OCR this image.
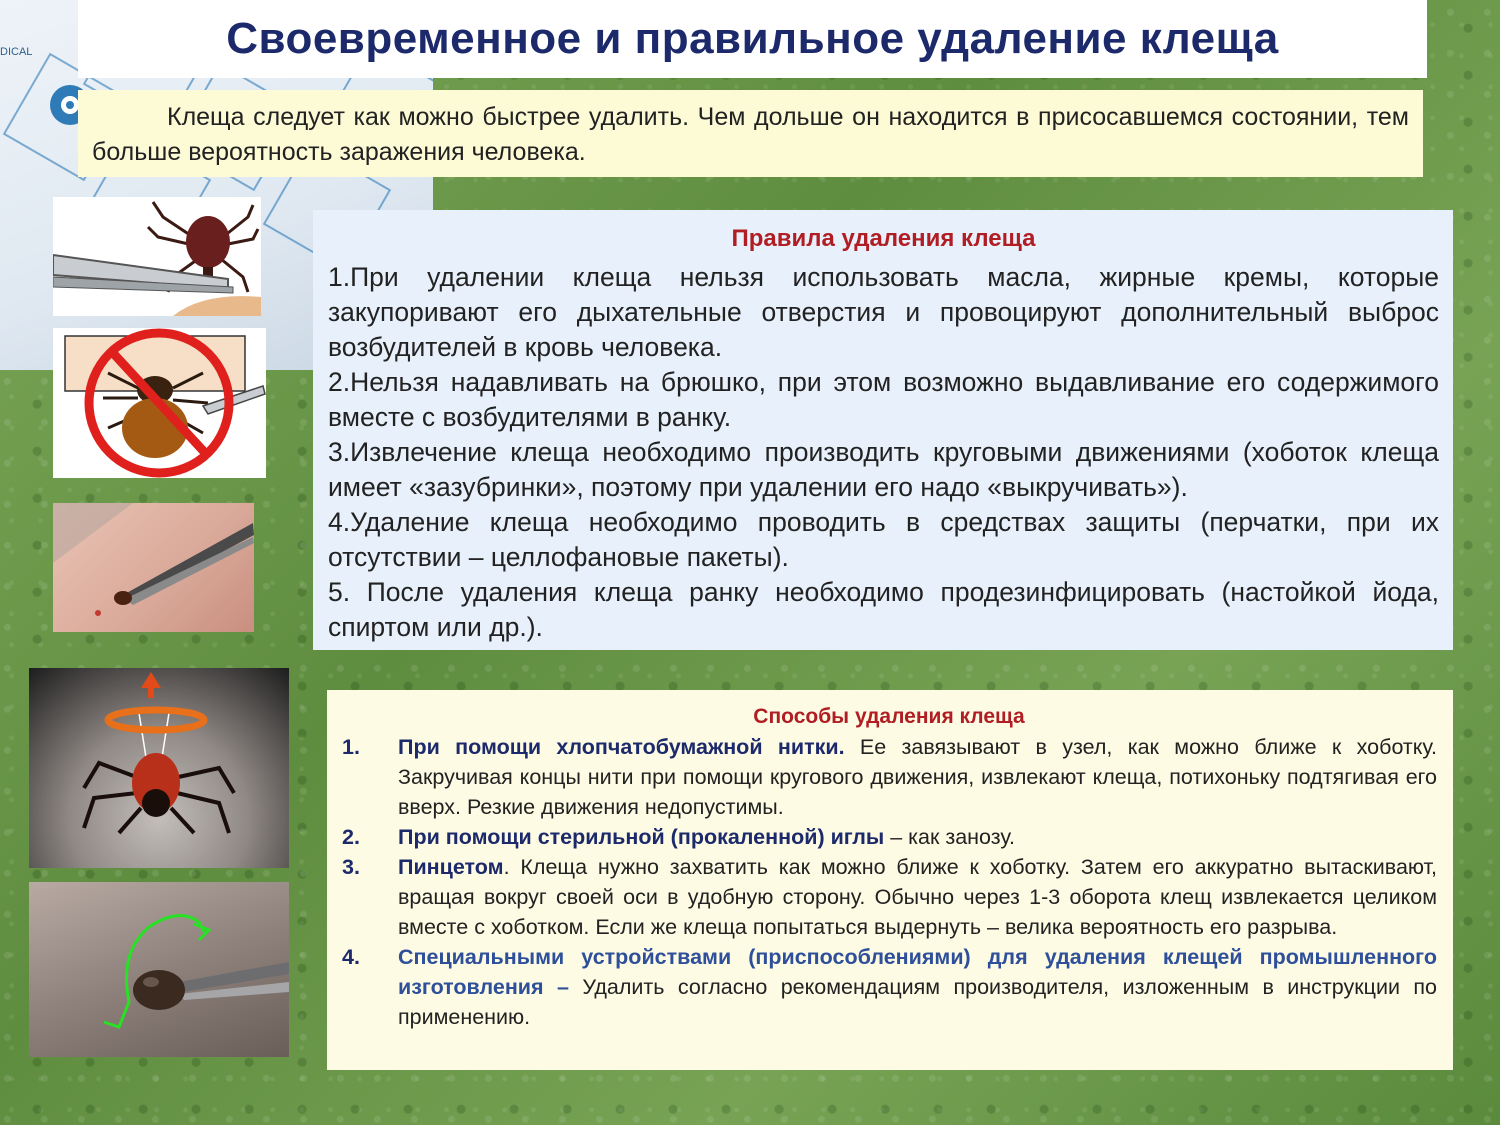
DICAL	Своевременное и правильное удаление клеща

Клеща следует как можно быстрее удалить. Чем дольше он находится в присосавшемся состоянии, тем больше вероятность заражения человека.

Правила удаления клеща

1.При удалении клеща нельзя использовать масла, жирные кремы, которые закупоривают его дыхательные отверстия и провоцируют дополнительный выброс возбудителей в кровь человека.

2.Нельзя надавливать на брюшко, при этом возможно выдавливание его содержимого вместе с возбудителями в ранку.

3.Извлечение клеща необходимо производить круговыми движениями (хоботок клеща имеет «зазубринки», поэтому при удалении его надо «выкручивать»).

4.Удаление клеща необходимо проводить в средствах защиты (перчатки, при их отсутствии – целлофановые пакеты).

5. После удаления клеща ранку необходимо продезинфицировать (настойкой йода, спиртом или др.).

Способы удаления клеща
1.	При помощи хлопчатобумажной нитки. Ее завязывают в узел, как можно ближе к хоботку. Закручивая концы нити при помощи кругового движения, извлекают клеща, потихоньку подтягивая его вверх. Резкие движения недопустимы.
2.	При помощи стерильной (прокаленной) иглы – как занозу.
3.	Пинцетом. Клеща нужно захватить как можно ближе к хоботку. Затем его аккуратно вытаскивают, вращая вокруг своей оси в удобную сторону. Обычно через 1-3 оборота клещ извлекается целиком вместе с хоботком. Если же клеща попытаться выдернуть – велика вероятность его разрыва.
4.	Специальными устройствами (приспособлениями) для удаления клещей промышленного изготовления – Удалить согласно рекомендациям производителя, изложенным в инструкции по применению.
